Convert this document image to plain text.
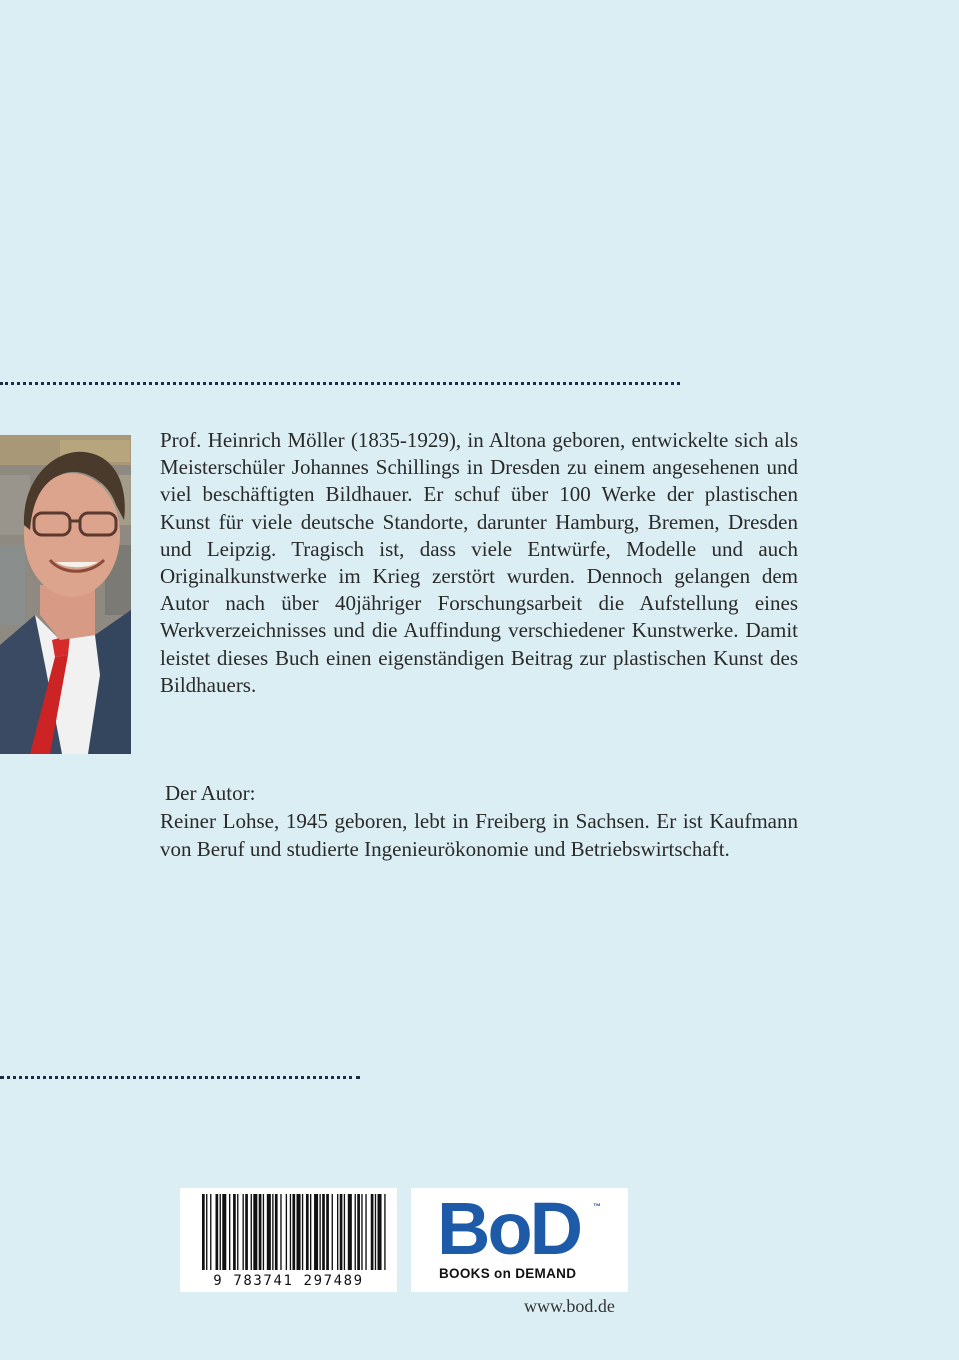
Prof. Heinrich Möller (1835-1929), in Altona geboren, entwickelte sich als Meisterschüler Johannes Schillings in Dresden zu einem angesehenen und viel beschäftigten Bildhauer. Er schuf über 100 Werke der plastischen Kunst für viele deutsche Standorte, darunter Hamburg, Bremen, Dresden und Leipzig. Tragisch ist, dass viele Entwürfe, Modelle und auch Originalkunstwerke im Krieg zerstört wurden. Dennoch gelangen dem Autor nach über 40jähriger Forschungsarbeit die Aufstellung eines Werkverzeichnisses und die Auffindung verschiedener Kunstwerke. Damit leistet dieses Buch einen eigenständigen Beitrag zur plastischen Kunst des Bildhauers.
Der Autor:
Reiner Lohse, 1945 geboren, lebt in Freiberg in Sachsen. Er ist Kaufmann von Beruf und studierte Ingenieurökonomie und Betriebswirtschaft.
9 783741 297489
BoD ™
BOOKS on DEMAND
www.bod.de
